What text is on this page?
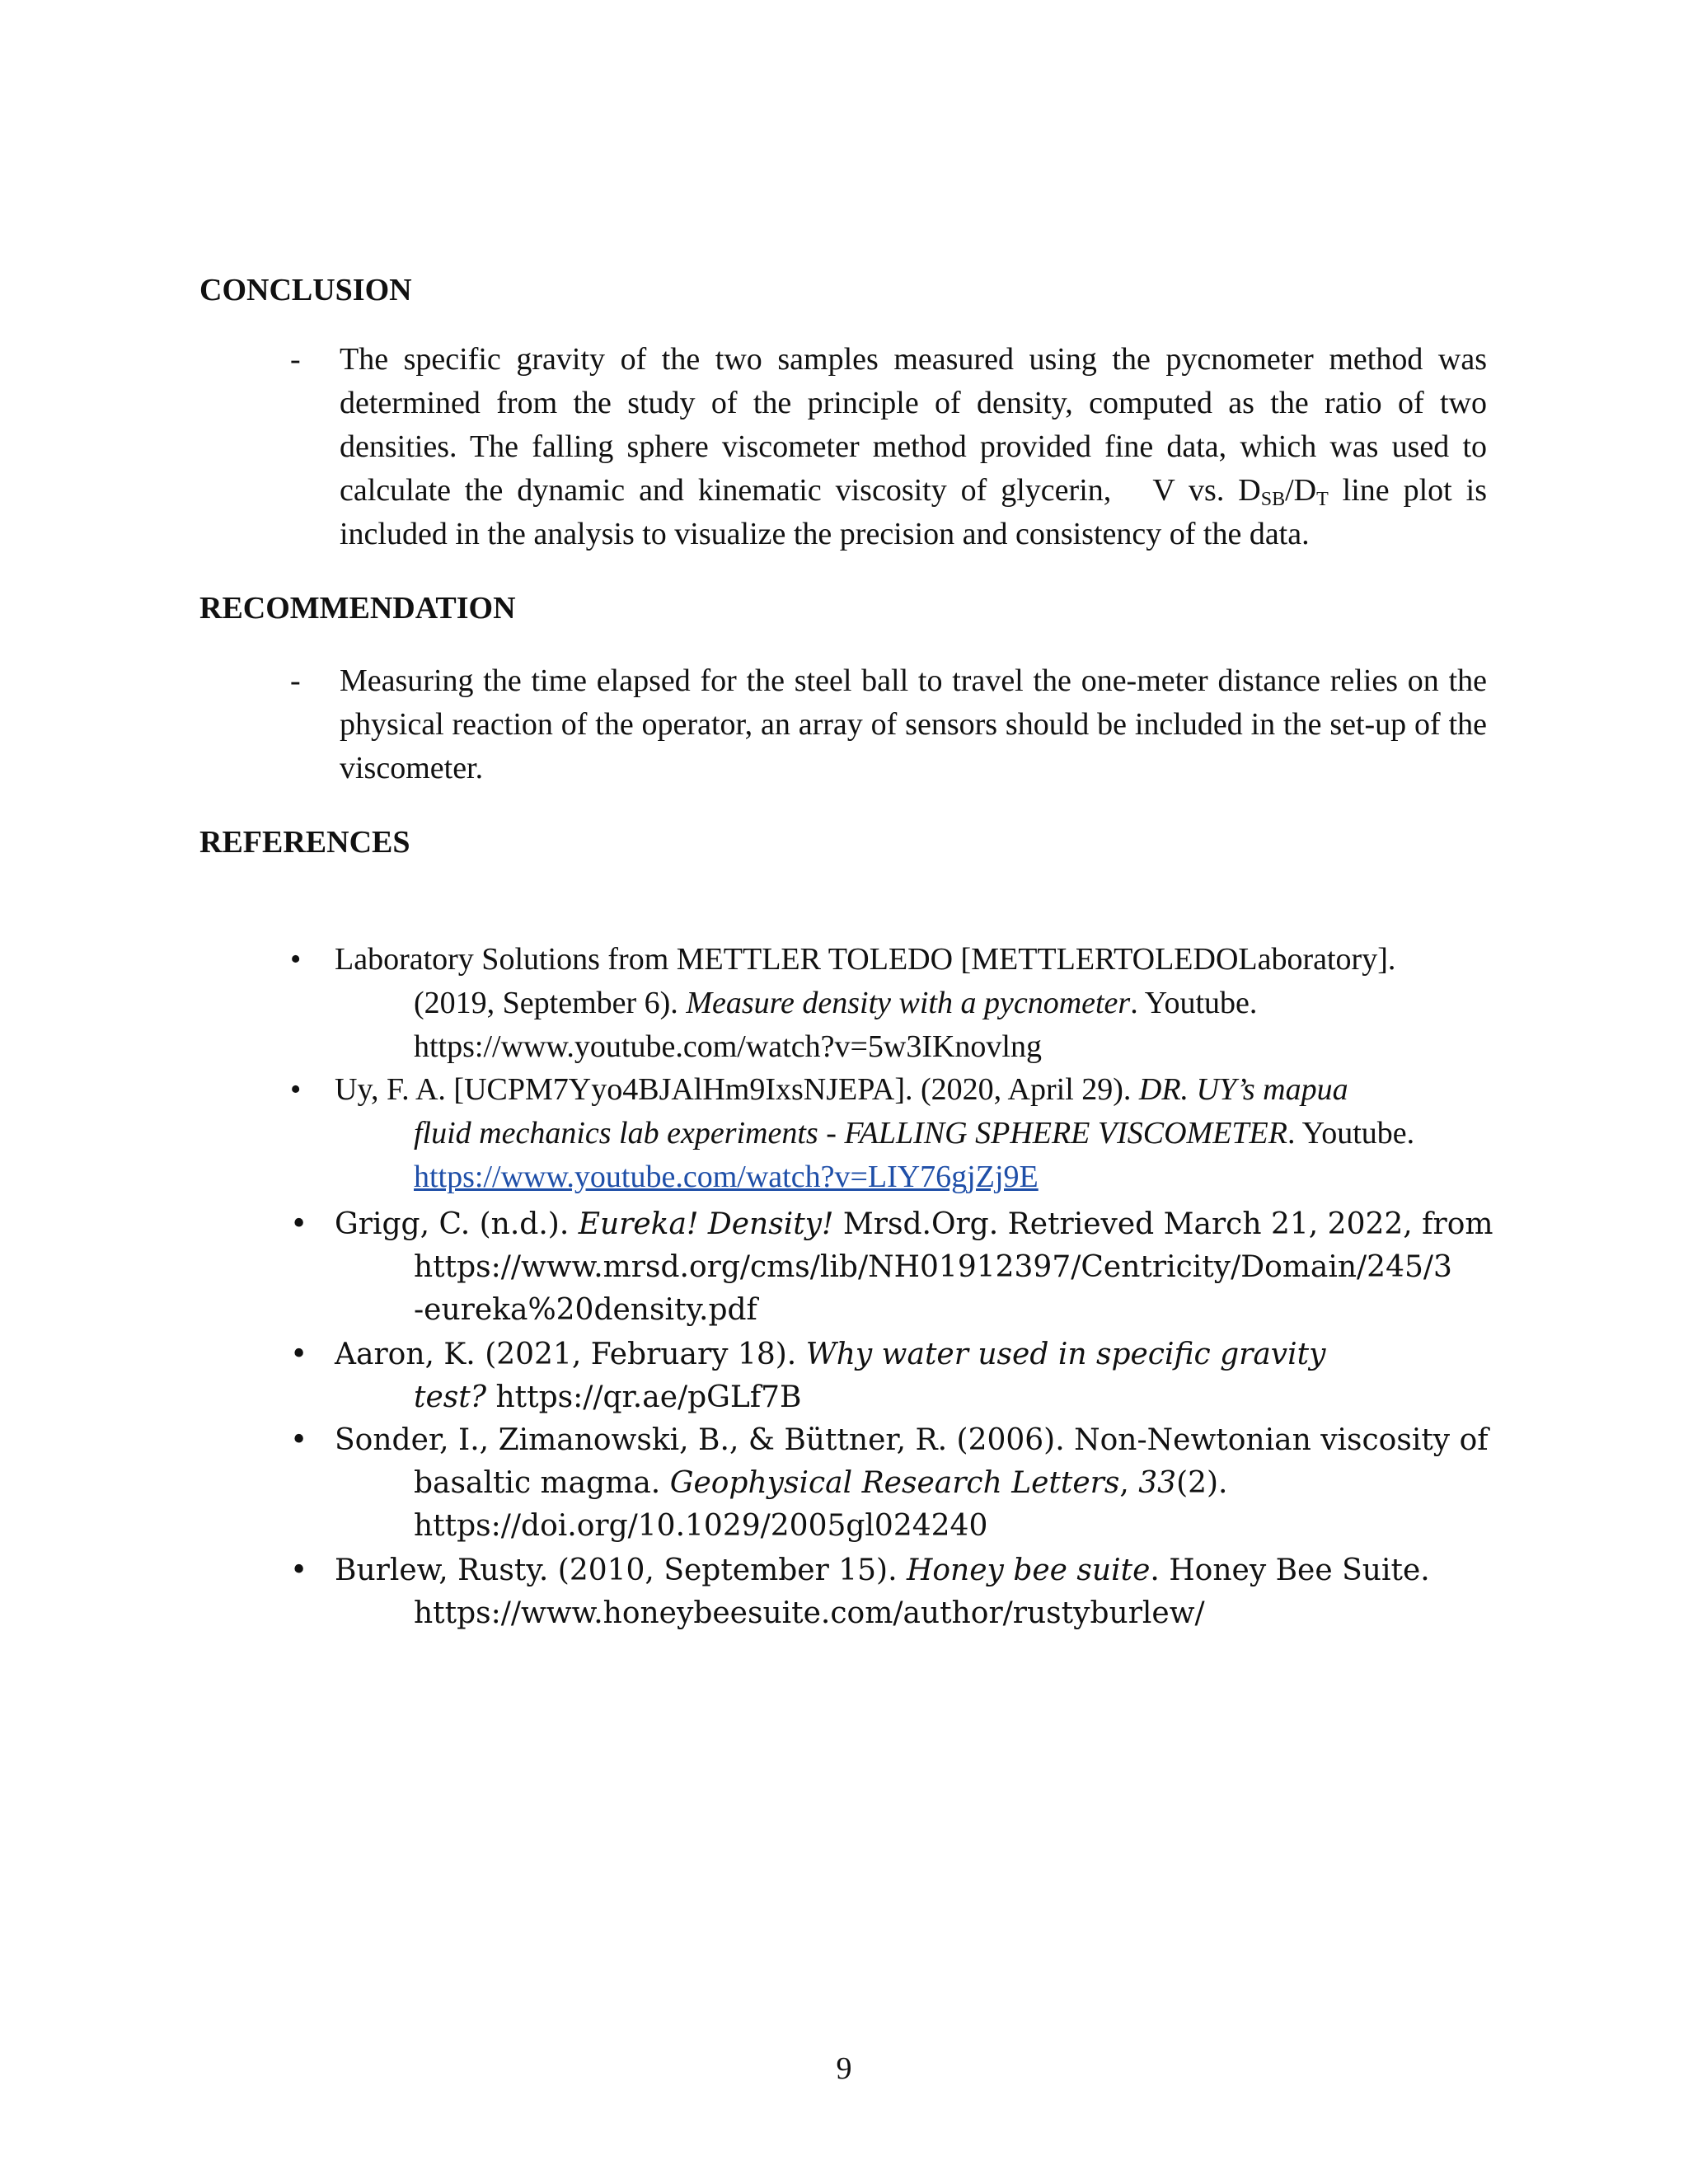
CONCLUSION
- The specific gravity of the two samples measured using the pycnometer method was determined from the study of the principle of density, computed as the ratio of two densities. The falling sphere viscometer method provided fine data, which was used to calculate the dynamic and kinematic viscosity of glycerin, V vs. $D_{SB}/D_T$ line plot is included in the analysis to visualize the precision and consistency of the data.

RECOMMENDATION
- Measuring the time elapsed for the steel ball to travel the one-meter distance relies on the physical reaction of the operator, an array of sensors should be included in the set-up of the viscometer.

REFERENCES
• Laboratory Solutions from METTLER TOLEDO [METTLERTOLEDOLaboratory].
(2019, September 6). Measure density with a pycnometer. Youtube.
https://www.youtube.com/watch?v=5w3IKnovlng
• Uy, F. A. [UCPM7Yyo4BJAlHm9IxsNJEPA]. (2020, April 29). DR. UY’s mapua
fluid mechanics lab experiments - FALLING SPHERE VISCOMETER. Youtube.
https://www.youtube.com/watch?v=LIY76gjZj9E
• Grigg, C. (n.d.). Eureka! Density! Mrsd.Org. Retrieved March 21, 2022, from
https://www.mrsd.org/cms/lib/NH01912397/Centricity/Domain/245/3
-eureka%20density.pdf
• Aaron, K. (2021, February 18). Why water used in specific gravity
test? https://qr.ae/pGLf7B
• Sonder, I., Zimanowski, B., & Büttner, R. (2006). Non-Newtonian viscosity of
basaltic magma. Geophysical Research Letters, 33(2).
https://doi.org/10.1029/2005gl024240
• Burlew, Rusty. (2010, September 15). Honey bee suite. Honey Bee Suite.
https://www.honeybeesuite.com/author/rustyburlew/
9
